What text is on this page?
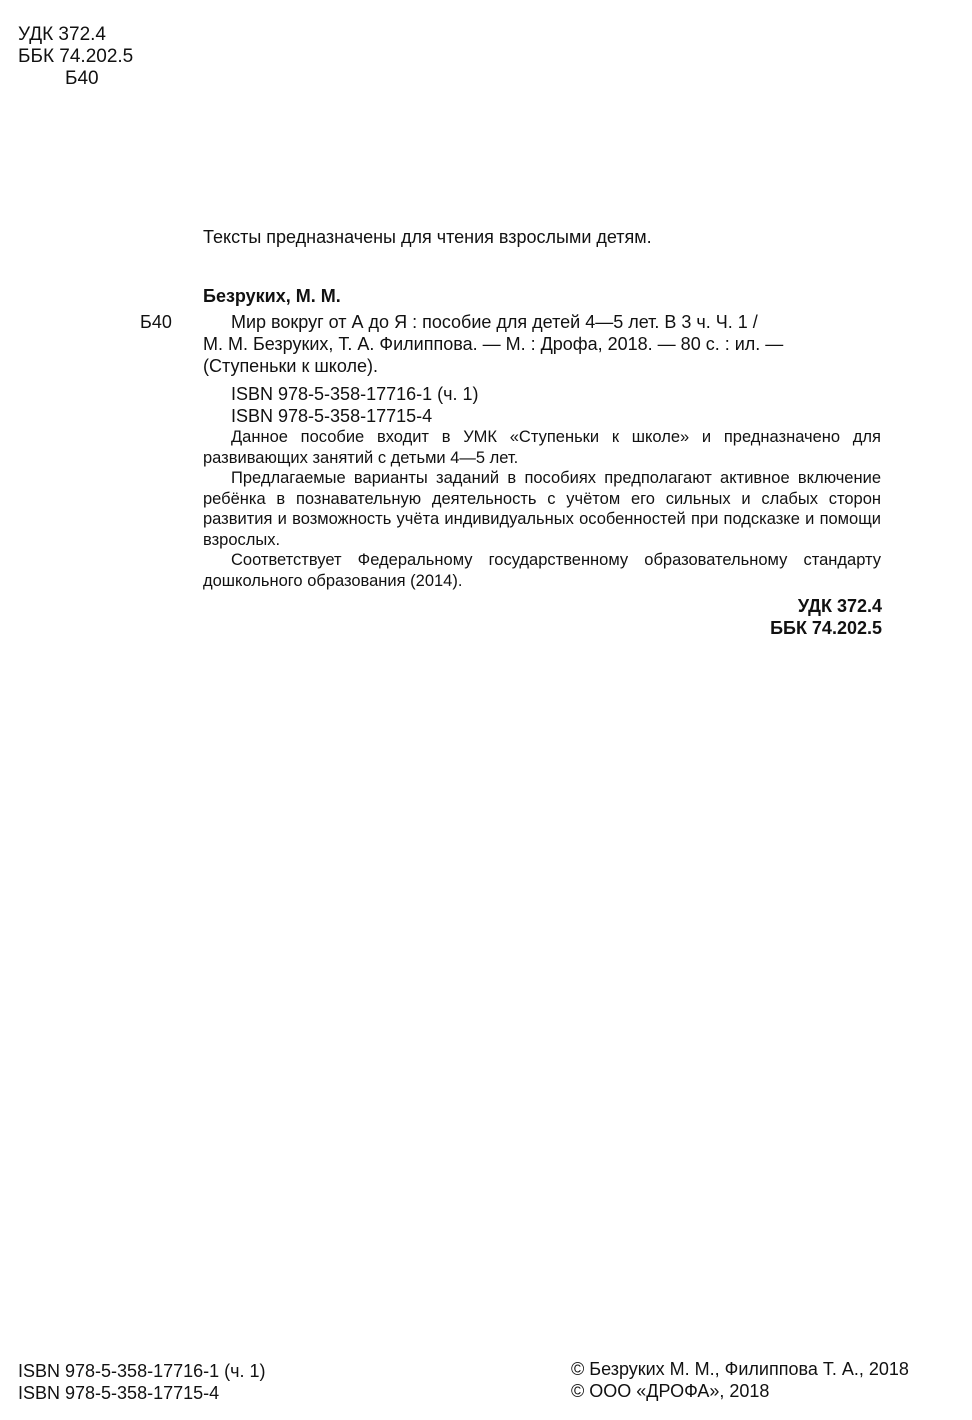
УДК 372.4
ББК 74.202.5
Б40
Тексты предназначены для чтения взрослыми детям.
Безруких, М. М.
Б40	Мир вокруг от А до Я : пособие для детей 4—5 лет. В 3 ч. Ч. 1 /
М. М. Безруких, Т. А. Филиппова. — М. : Дрофа, 2018. — 80 с. : ил. —
(Ступеньки к школе).
ISBN 978-5-358-17716-1 (ч. 1)
ISBN 978-5-358-17715-4

Данное пособие входит в УМК «Ступеньки к школе» и предназначено для развивающих занятий с детьми 4—5 лет.

Предлагаемые варианты заданий в пособиях предполагают активное включение ребёнка в познавательную деятельность с учётом его сильных и слабых сторон развития и возможность учёта индивидуальных особенностей при подсказке и помощи взрослых.

Соответствует Федеральному государственному образовательному стандарту дошкольного образования (2014).

УДК 372.4
ББК 74.202.5
ISBN 978-5-358-17716-1 (ч. 1)
ISBN 978-5-358-17715-4
© Безруких М. М., Филиппова Т. А., 2018
© ООО «ДРОФА», 2018
